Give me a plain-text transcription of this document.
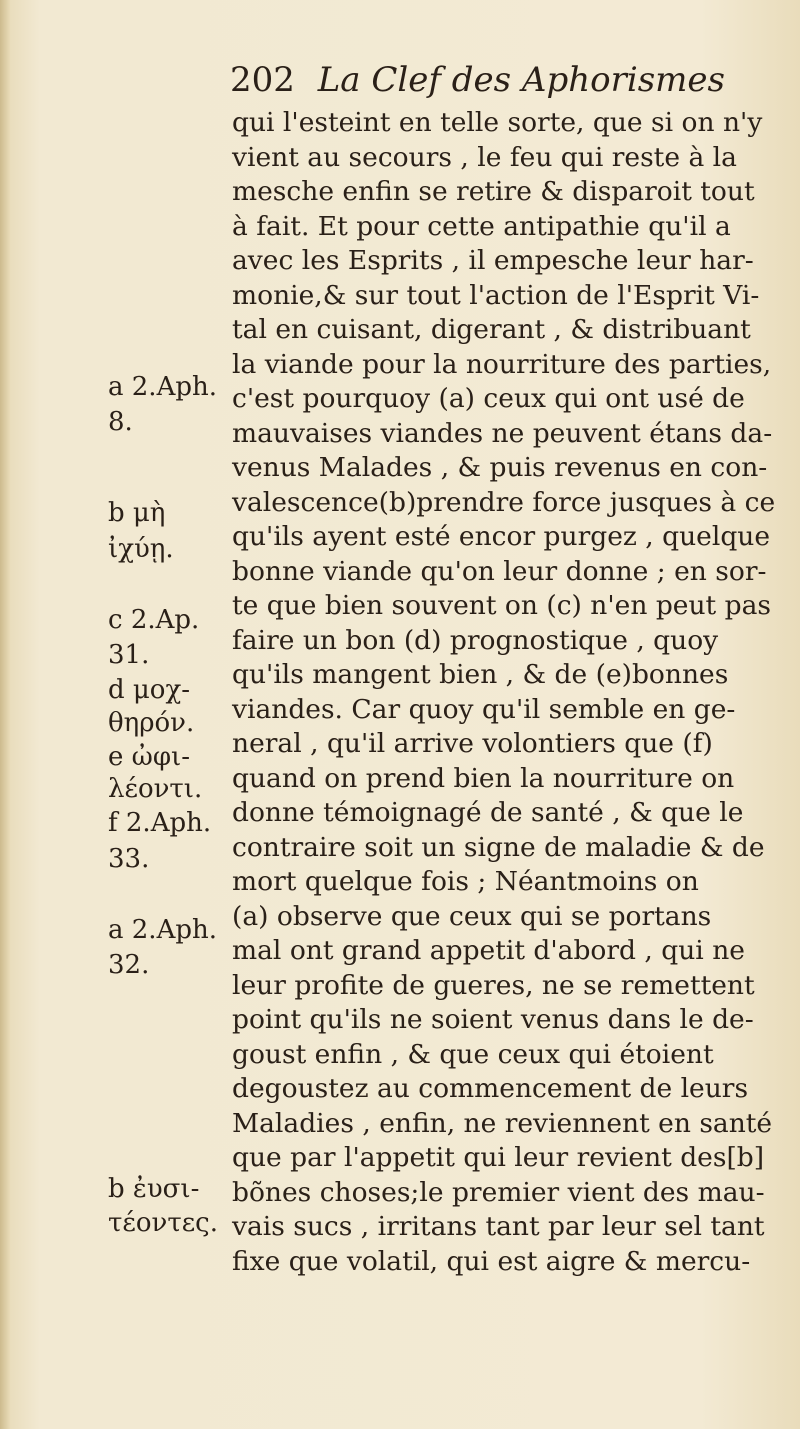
202 La Clef des Aphorismes
a 2.Aph.
8.
b μὴ
ἰχύῃ.
c 2.Ap.
31.
d μοχ-
θηρόν.
e ὠφι-
λέοντι.
f 2.Aph.
33.
a 2.Aph.
32.
b ἐυσι-
τέοντες.
qui l'esteint en telle sorte, que si on n'y
vient au secours , le feu qui reste à la
mesche enfin se retire & disparoit tout
à fait. Et pour cette antipathie qu'il a
avec les Esprits , il empesche leur har-
monie,& sur tout l'action de l'Esprit Vi-
tal en cuisant, digerant , & distribuant
la viande pour la nourriture des parties,
c'est pourquoy (a) ceux qui ont usé de
mauvaises viandes ne peuvent étans da-
venus Malades , & puis revenus en con-
valescence(b)prendre force jusques à ce
qu'ils ayent esté encor purgez , quelque
bonne viande qu'on leur donne ; en sor-
te que bien souvent on (c) n'en peut pas
faire un bon (d) prognostique , quoy
qu'ils mangent bien , & de (e)bonnes
viandes. Car quoy qu'il semble en ge-
neral , qu'il arrive volontiers que (f)
quand on prend bien la nourriture on
donne témoignagé de santé , & que le
contraire soit un signe de maladie & de
mort quelque fois ; Néantmoins on
(a) observe que ceux qui se portans
mal ont grand appetit d'abord , qui ne
leur profite de gueres, ne se remettent
point qu'ils ne soient venus dans le de-
goust enfin , & que ceux qui étoient
degoustez au commencement de leurs
Maladies , enfin, ne reviennent en santé
que par l'appetit qui leur revient des[b]
bõnes choses;le premier vient des mau-
vais sucs , irritans tant par leur sel tant
fixe que volatil, qui est aigre & mercu-
